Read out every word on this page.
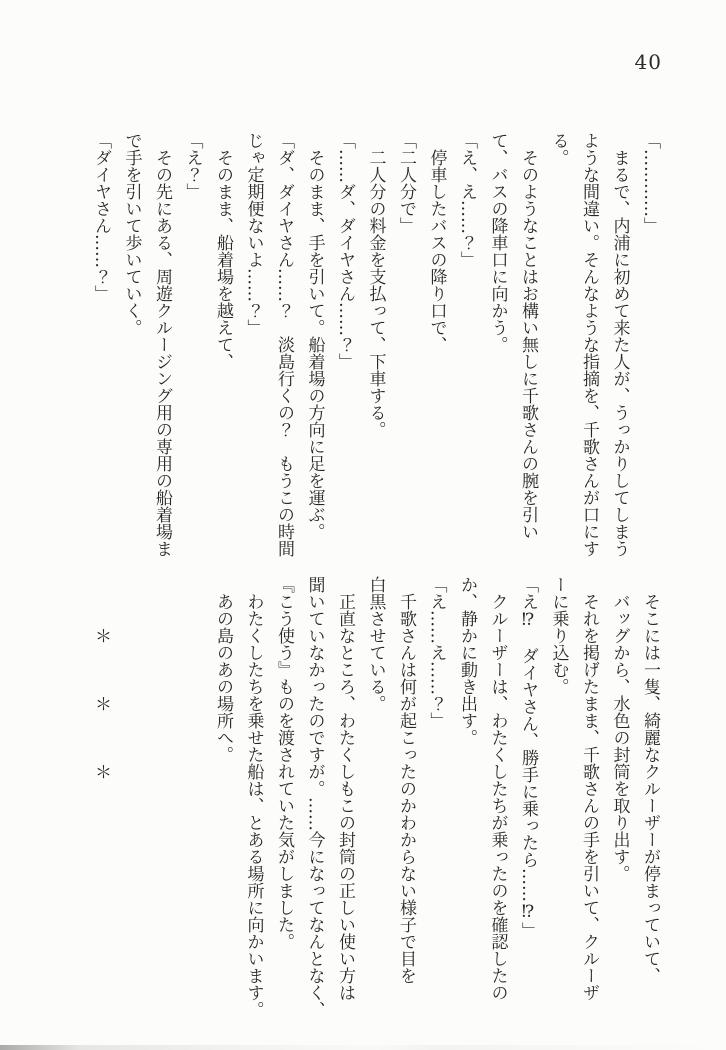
40

「…………」

　まるで、内浦に初めて来た人が、うっかりしてしまう

ような間違い。そんなような指摘を、千歌さんが口にす

る。

　そのようなことはお構い無しに千歌さんの腕を引い

て、バスの降車口に向かう。

「え、え……？」

　停車したバスの降り口で、

「二人分で」

　二人分の料金を支払って、下車する。

「……ダ、ダイヤさん……？」

　そのまま、手を引いて。船着場の方向に足を運ぶ。

「ダ、ダイヤさん……？　淡島行くの？　もうこの時間

じゃ定期便ないよ……？」

　そのまま、船着場を越えて、

「え？」

　その先にある、周遊クルージング用の専用の船着場ま

で手を引いて歩いていく。

「ダイヤさん……？」

　そこには一隻、綺麗なクルーザーが停まっていて、

　バッグから、水色の封筒を取り出す。

　それを掲げたまま、千歌さんの手を引いて、クルーザ

ーに乗り込む。

「え⁉　ダイヤさん、勝手に乗ったら……⁉」

　クルーザーは、わたくしたちが乗ったのを確認したの

か、静かに動き出す。

「え……え……？」

　千歌さんは何が起こったのかわからない様子で目を

白黒させている。

　正直なところ、わたくしもこの封筒の正しい使い方は

聞いていなかったのですが。……今になってなんとなく、

『こう使う』ものを渡されていた気がしました。

　わたくしたちを乗せた船は、とある場所に向かいます。

　あの島のあの場所へ。

　　　＊　　　＊　　　＊
